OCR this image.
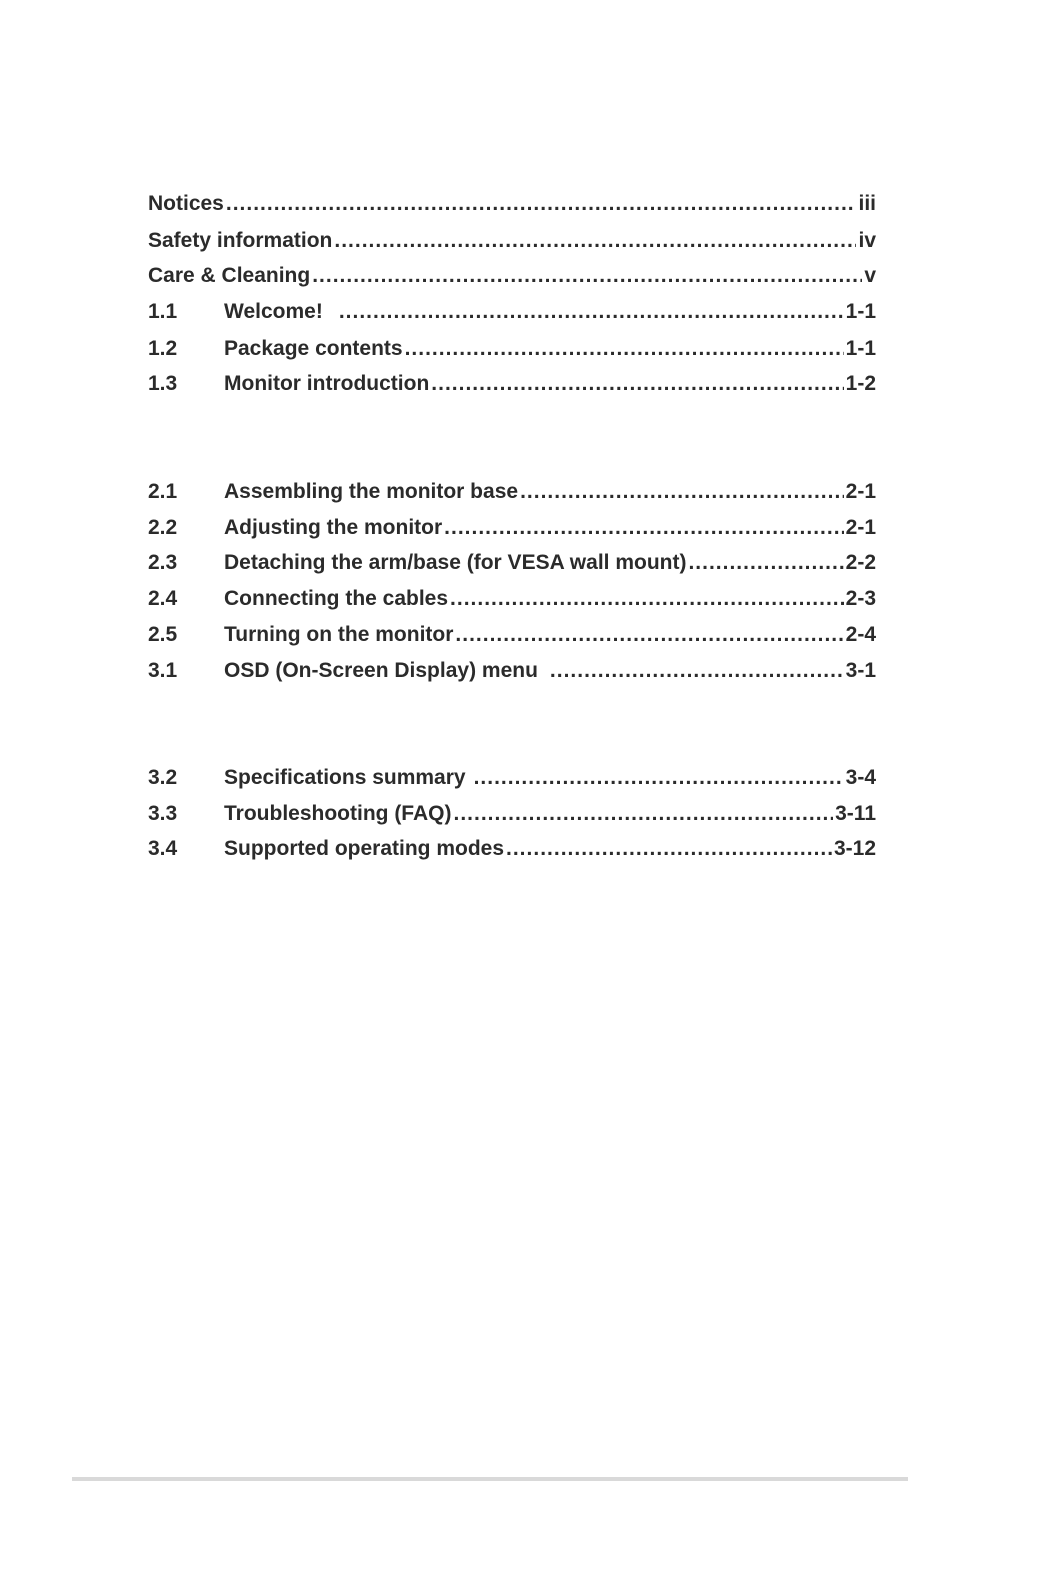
Notices .....	iii
Safety information .....	iv
Care & Cleaning .....	v
1.1	Welcome! .....	1-1
1.2	Package contents .....	1-1
1.3	Monitor introduction .....	1-2
2.1	Assembling the monitor base .....	2-1
2.2	Adjusting the monitor .....	2-1
2.3	Detaching the arm/base (for VESA wall mount) .....	2-2
2.4	Connecting the cables .....	2-3
2.5	Turning on the monitor .....	2-4
3.1	OSD (On-Screen Display) menu .....	3-1
3.2	Specifications summary .....	3-4
3.3	Troubleshooting (FAQ) .....	3-11
3.4	Supported operating modes .....	3-12
